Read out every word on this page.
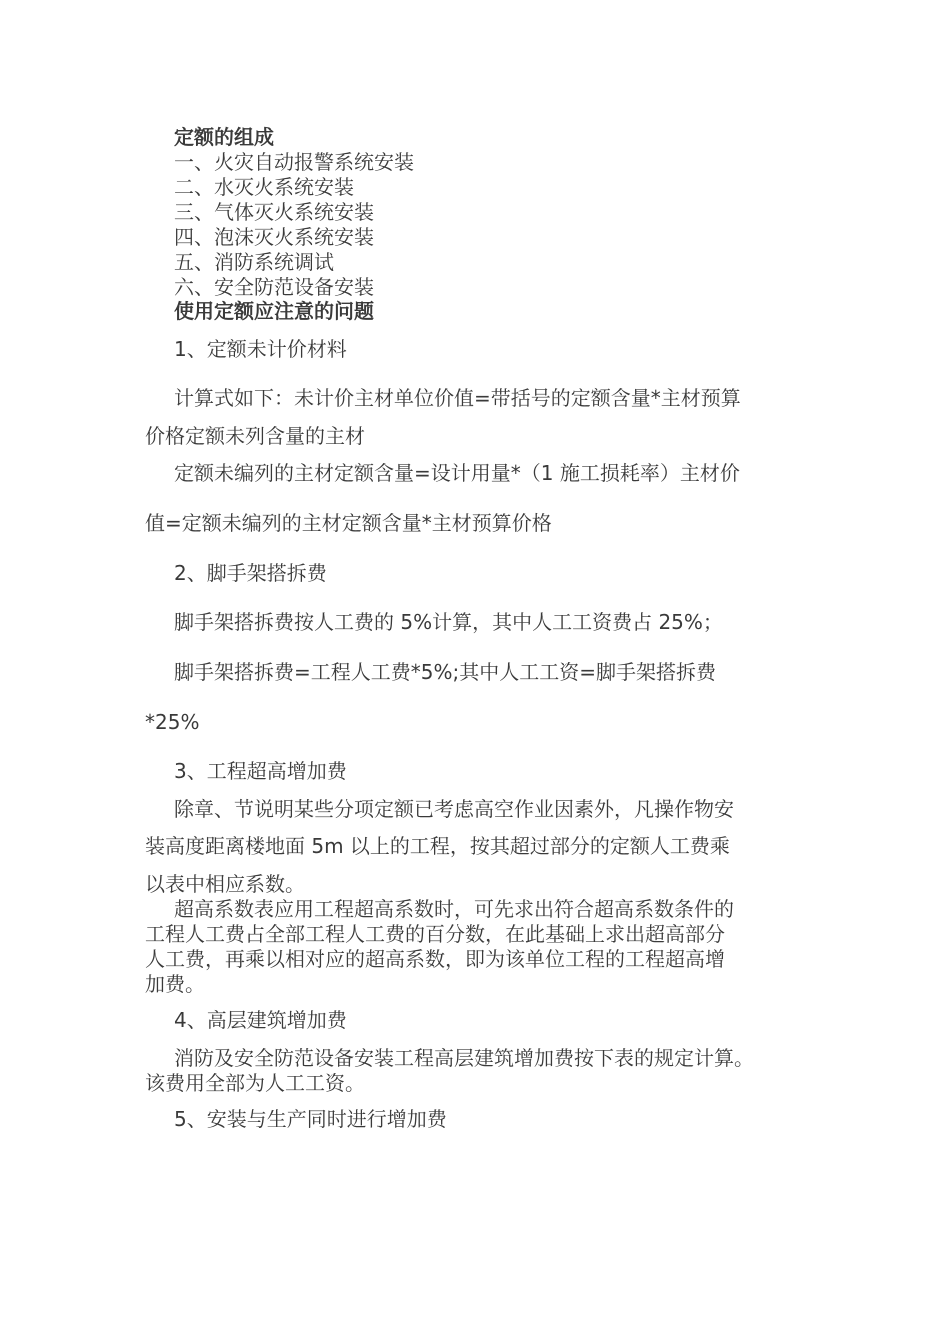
定额的组成
一、火灾自动报警系统安装
二、水灭火系统安装
三、气体灭火系统安装
四、泡沫灭火系统安装
五、消防系统调试
六、安全防范设备安装
使用定额应注意的问题
1、定额未计价材料
计算式如下：未计价主材单位价值=带括号的定额含量*主材预算
价格定额未列含量的主材
定额未编列的主材定额含量=设计用量*（1 施工损耗率）主材价
值=定额未编列的主材定额含量*主材预算价格
2、脚手架搭拆费
脚手架搭拆费按人工费的 5%计算，其中人工工资费占 25%；
脚手架搭拆费=工程人工费*5%;其中人工工资=脚手架搭拆费
*25%
3、工程超高增加费
除章、节说明某些分项定额已考虑高空作业因素外，凡操作物安
装高度距离楼地面 5m 以上的工程，按其超过部分的定额人工费乘
以表中相应系数。
超高系数表应用工程超高系数时，可先求出符合超高系数条件的
工程人工费占全部工程人工费的百分数，在此基础上求出超高部分
人工费，再乘以相对应的超高系数，即为该单位工程的工程超高增
加费。
4、高层建筑增加费
消防及安全防范设备安装工程高层建筑增加费按下表的规定计算。
该费用全部为人工工资。
5、安装与生产同时进行增加费
